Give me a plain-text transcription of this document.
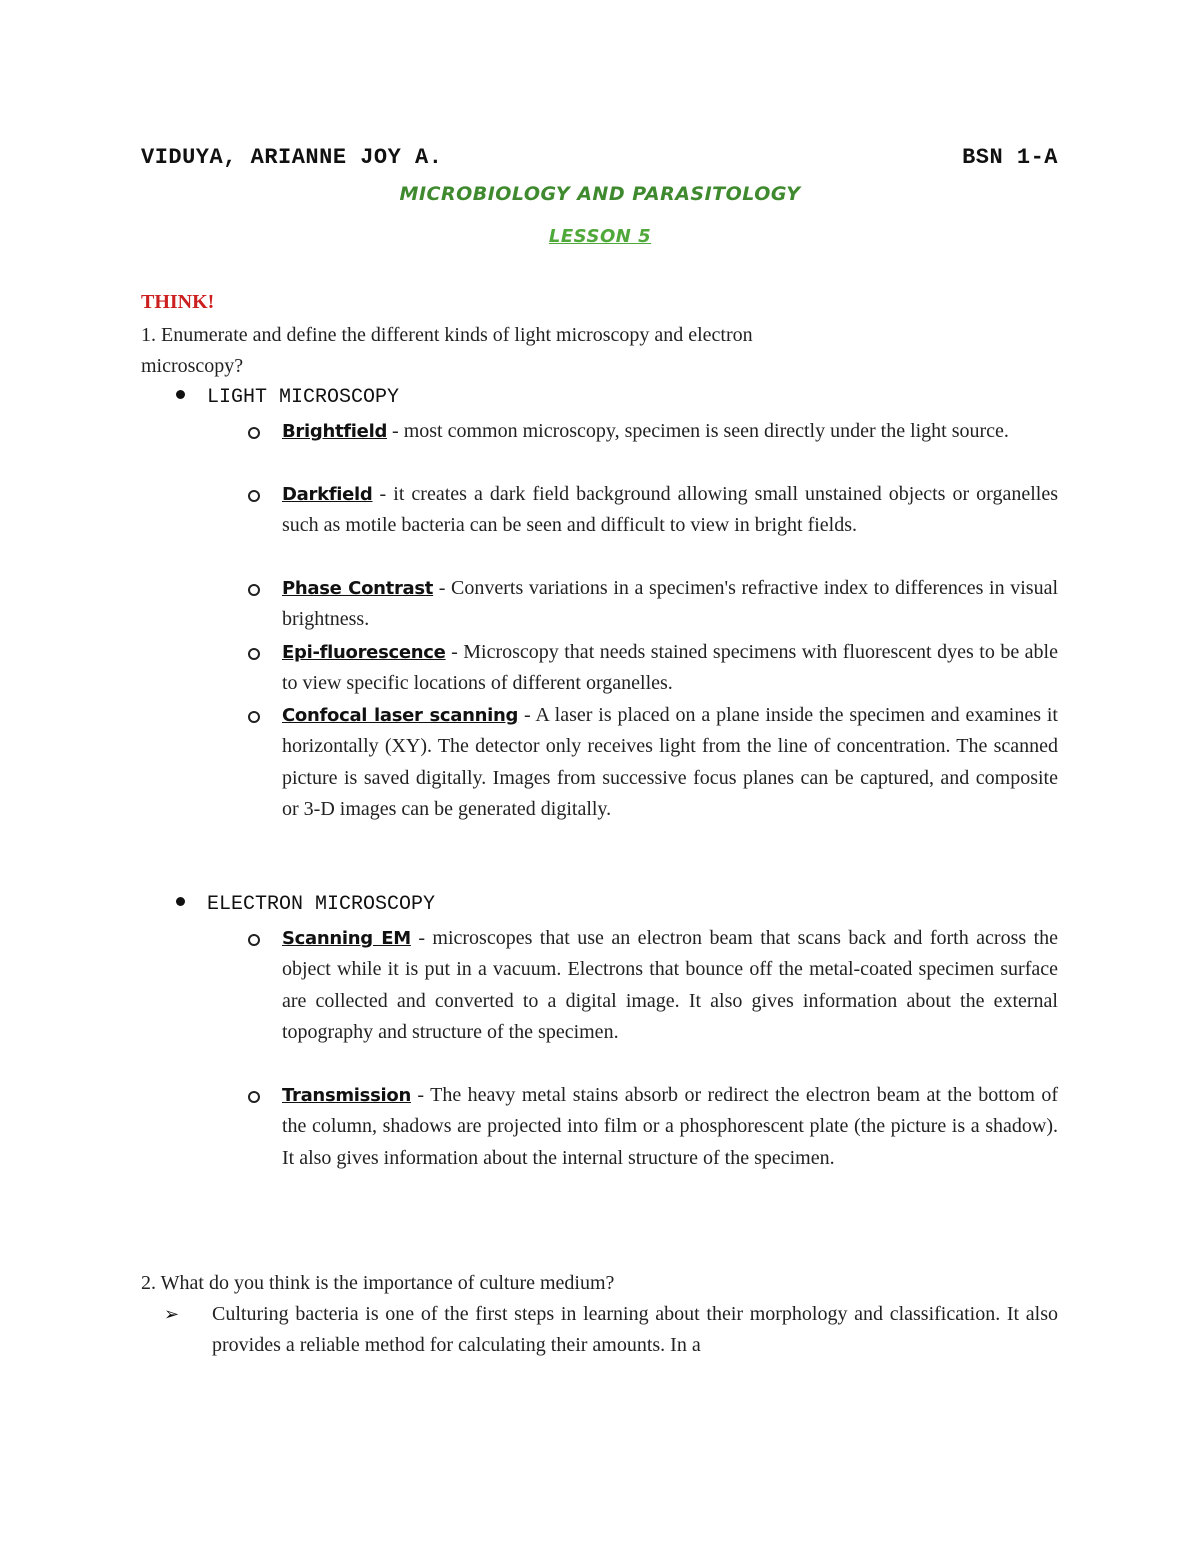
VIDUYA, ARIANNE JOY A.	BSN 1-A
MICROBIOLOGY AND PARASITOLOGY
LESSON 5
THINK!
1. Enumerate and define the different kinds of light microscopy and electron microscopy?
LIGHT MICROSCOPY
Brightfield - most common microscopy, specimen is seen directly under the light source.
Darkfield - it creates a dark field background allowing small unstained objects or organelles such as motile bacteria can be seen and difficult to view in bright fields.
Phase Contrast - Converts variations in a specimen's refractive index to differences in visual brightness.
Epi-fluorescence - Microscopy that needs stained specimens with fluorescent dyes to be able to view specific locations of different organelles.
Confocal laser scanning - A laser is placed on a plane inside the specimen and examines it horizontally (XY). The detector only receives light from the line of concentration. The scanned picture is saved digitally. Images from successive focus planes can be captured, and composite or 3-D images can be generated digitally.
ELECTRON MICROSCOPY
Scanning EM - microscopes that use an electron beam that scans back and forth across the object while it is put in a vacuum. Electrons that bounce off the metal-coated specimen surface are collected and converted to a digital image. It also gives information about the external topography and structure of the specimen.
Transmission - The heavy metal stains absorb or redirect the electron beam at the bottom of the column, shadows are projected into film or a phosphorescent plate (the picture is a shadow). It also gives information about the internal structure of the specimen.
2. What do you think is the importance of culture medium?
➢ Culturing bacteria is one of the first steps in learning about their morphology and classification. It also provides a reliable method for calculating their amounts. In a
